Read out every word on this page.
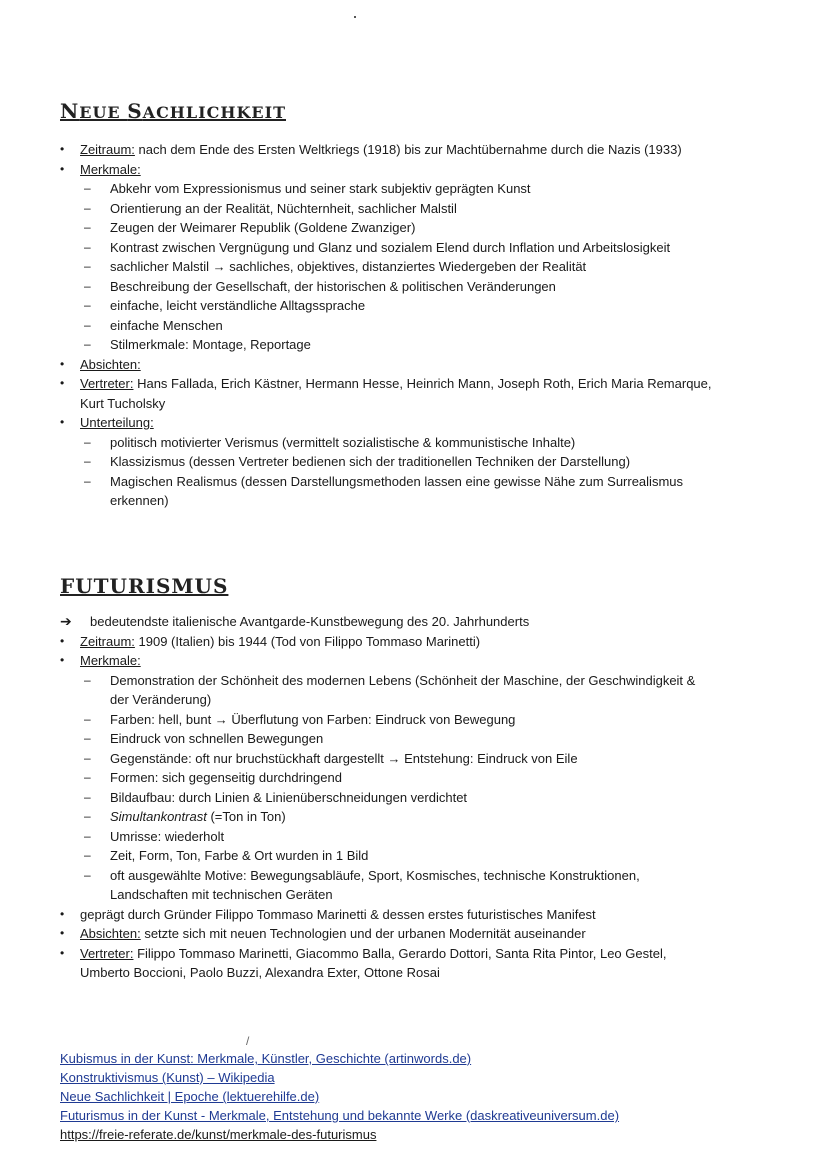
NEUE SACHLICHKEIT
• Zeitraum: nach dem Ende des Ersten Weltkriegs (1918) bis zur Machtübernahme durch die Nazis (1933)
• Merkmale:
– Abkehr vom Expressionismus und seiner stark subjektiv geprägten Kunst
– Orientierung an der Realität, Nüchternheit, sachlicher Malstil
– Zeugen der Weimarer Republik (Goldene Zwanziger)
– Kontrast zwischen Vergnügung und Glanz und sozialem Elend durch Inflation und Arbeitslosigkeit
– sachlicher Malstil → sachliches, objektives, distanziertes Wiedergeben der Realität
– Beschreibung der Gesellschaft, der historischen & politischen Veränderungen
– einfache, leicht verständliche Alltagssprache
– einfache Menschen
– Stilmerkmale: Montage, Reportage
• Absichten:
• Vertreter: Hans Fallada, Erich Kästner, Hermann Hesse, Heinrich Mann, Joseph Roth, Erich Maria Remarque,
Kurt Tucholsky
• Unterteilung:
– politisch motivierter Verismus (vermittelt sozialistische & kommunistische Inhalte)
– Klassizismus (dessen Vertreter bedienen sich der traditionellen Techniken der Darstellung)
– Magischen Realismus (dessen Darstellungsmethoden lassen eine gewisse Nähe zum Surrealismus
erkennen)
FUTURISMUS
➔ bedeutendste italienische Avantgarde-Kunstbewegung des 20. Jahrhunderts
• Zeitraum: 1909 (Italien) bis 1944 (Tod von Filippo Tommaso Marinetti)
• Merkmale:
– Demonstration der Schönheit des modernen Lebens (Schönheit der Maschine, der Geschwindigkeit &
der Veränderung)
– Farben: hell, bunt → Überflutung von Farben: Eindruck von Bewegung
– Eindruck von schnellen Bewegungen
– Gegenstände: oft nur bruchstückhaft dargestellt → Entstehung: Eindruck von Eile
– Formen: sich gegenseitig durchdringend
– Bildaufbau: durch Linien & Linienüberschneidungen verdichtet
– Simultankontrast (=Ton in Ton)
– Umrisse: wiederholt
– Zeit, Form, Ton, Farbe & Ort wurden in 1 Bild
– oft ausgewählte Motive: Bewegungsabläufe, Sport, Kosmisches, technische Konstruktionen,
Landschaften mit technischen Geräten
• geprägt durch Gründer Filippo Tommaso Marinetti & dessen erstes futuristisches Manifest
• Absichten: setzte sich mit neuen Technologien und der urbanen Modernität auseinander
• Vertreter: Filippo Tommaso Marinetti, Giacommo Balla, Gerardo Dottori, Santa Rita Pintor, Leo Gestel,
Umberto Boccioni, Paolo Buzzi, Alexandra Exter, Ottone Rosai
/
Kubismus in der Kunst: Merkmale, Künstler, Geschichte (artinwords.de)
Konstruktivismus (Kunst) – Wikipedia
Neue Sachlichkeit | Epoche (lektuerehilfe.de)
Futurismus in der Kunst - Merkmale, Entstehung und bekannte Werke (daskreativeuniversum.de)
https://freie-referate.de/kunst/merkmale-des-futurismus
